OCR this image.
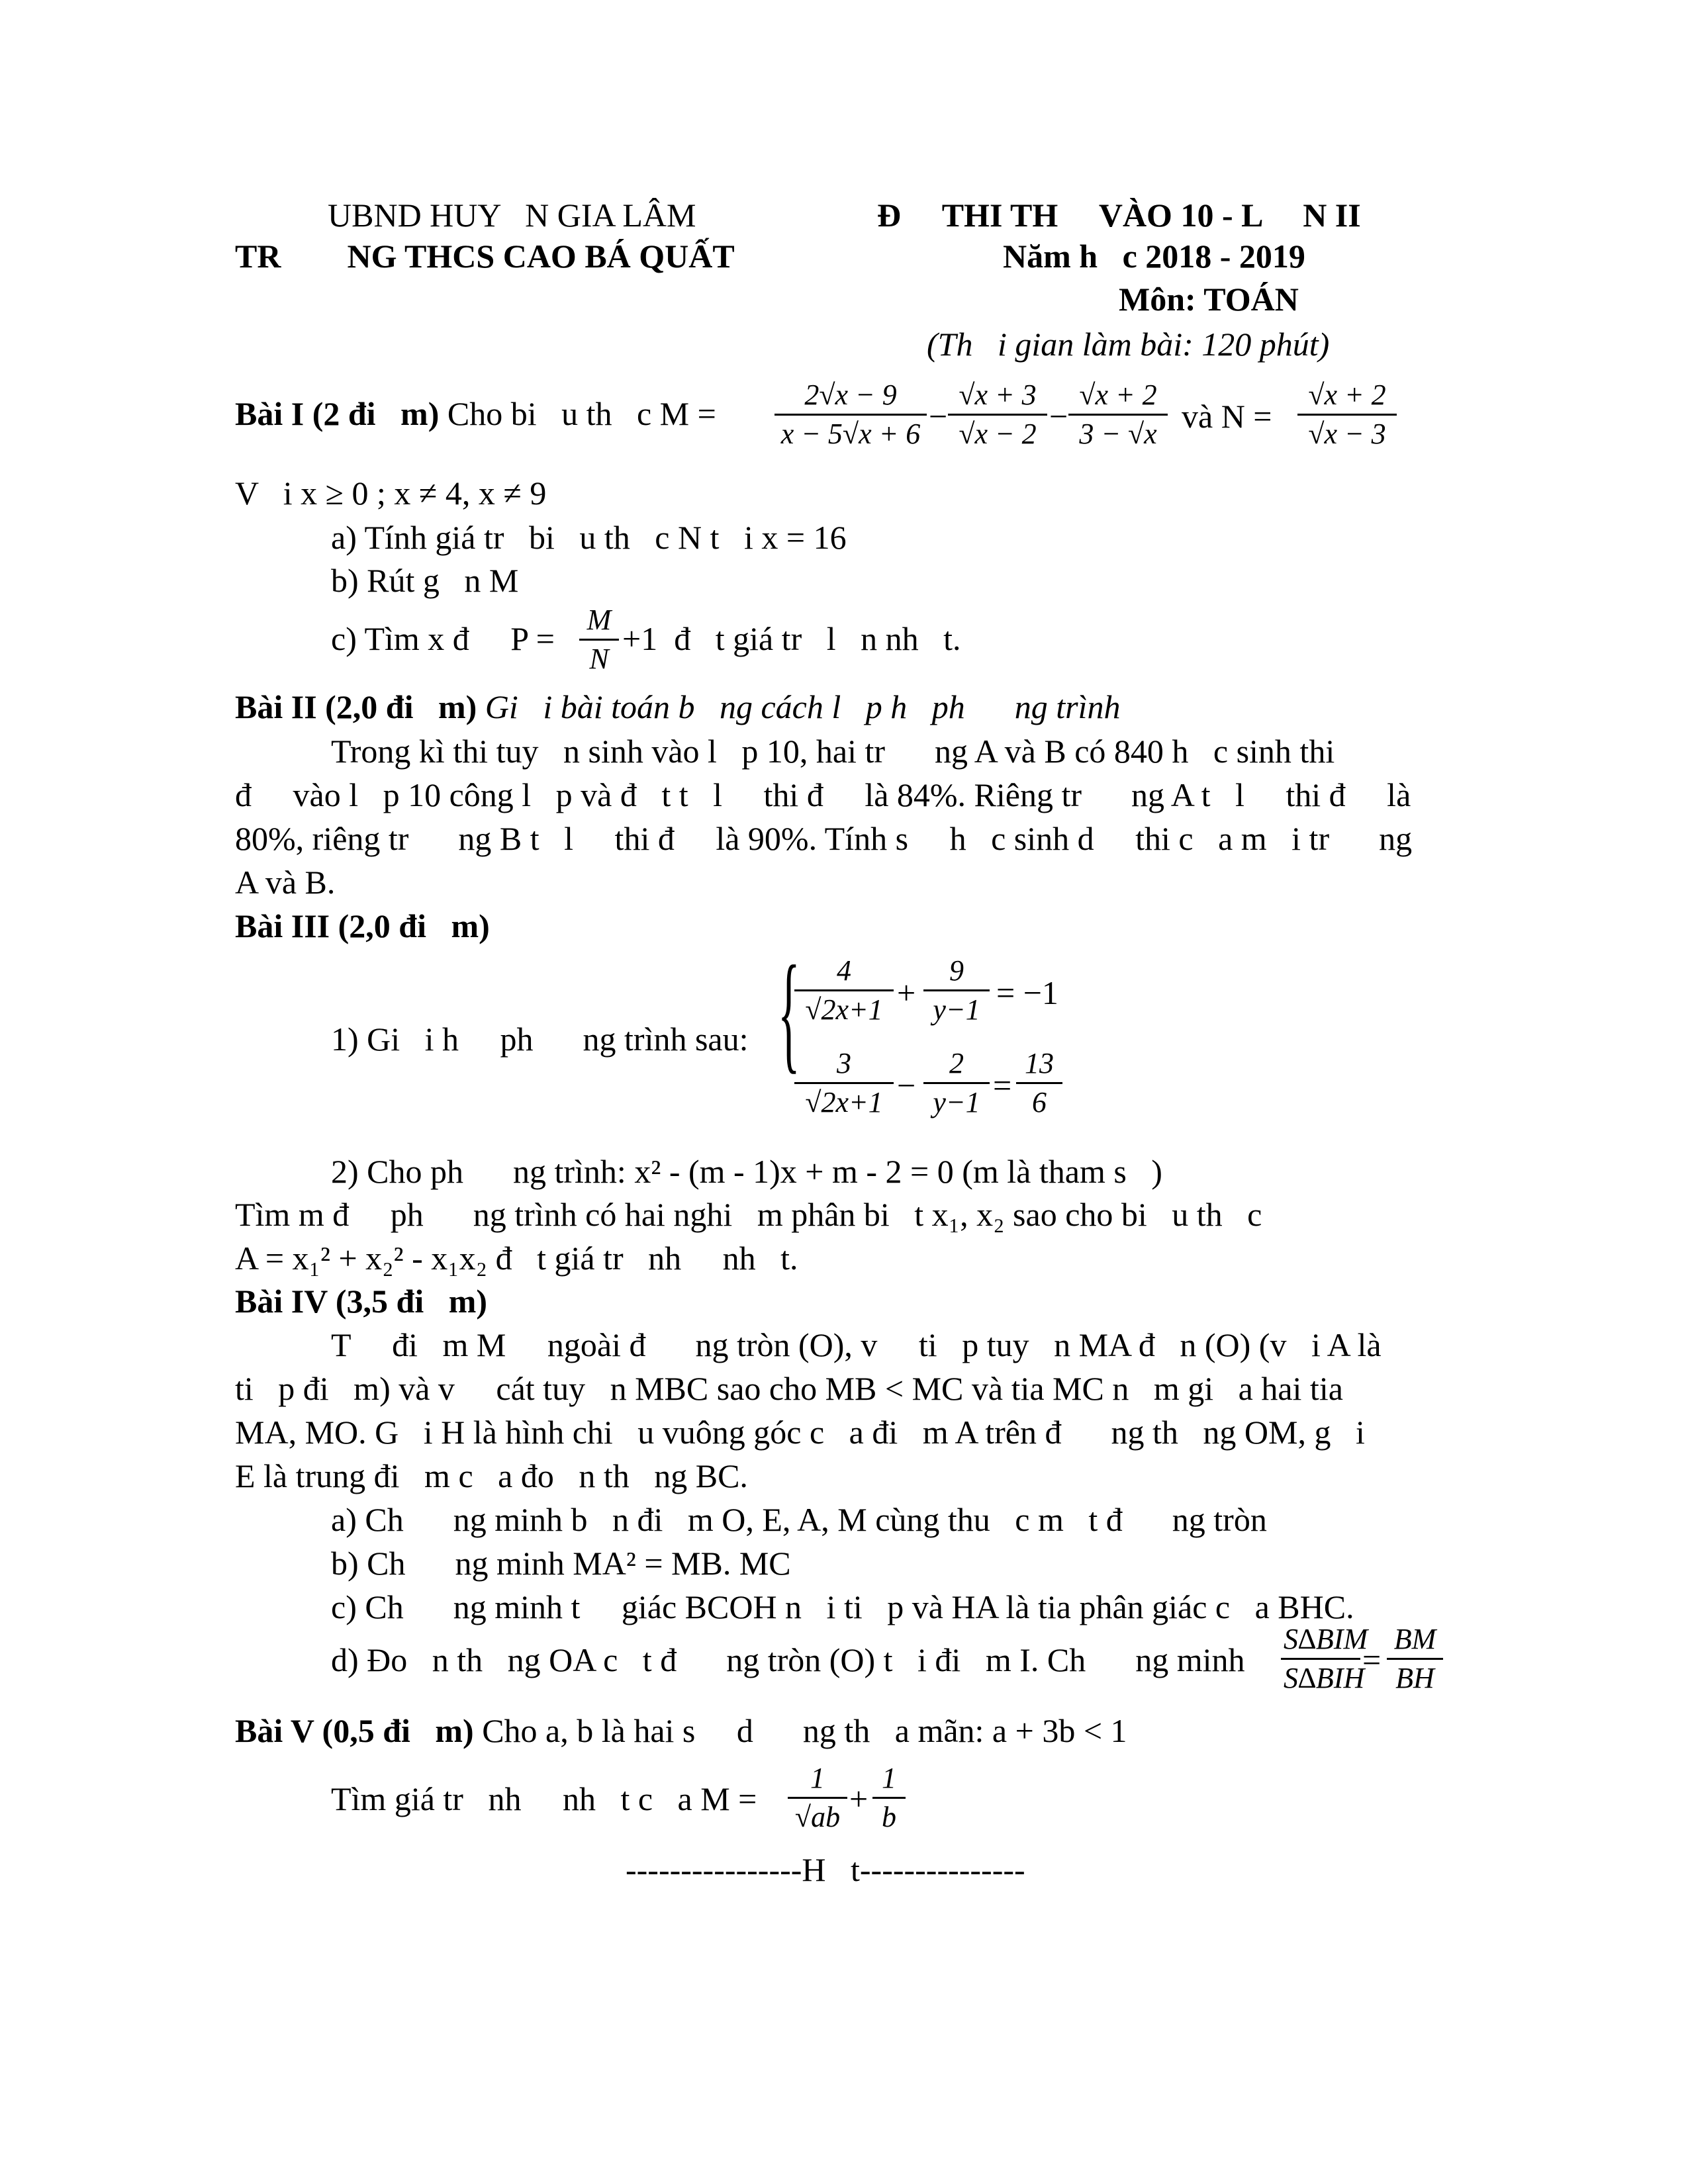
UBND HUY   N GIA LÂM
TR        NG THCS CAO BÁ QUẤT
Đ     THI TH     VÀO 10 - L     N II
Năm h   c 2018 - 2019
Môn: TOÁN
(Th   i gian làm bài: 120 phút)
Bài I (2 đi   m) Cho bi   u th   c $M = \frac{2√x - 9}{x - 5√x + 6} - \frac{√x + 3}{√x - 2} - \frac{√x + 2}{3 - √x}$ và $N = \frac{√x + 2}{√x - 3}$
V   i x ≥ 0 ; x ≠ 4, x ≠ 9
a) Tính giá tr   bi   u th   c N t   i x = 16
b) Rút g   n M
c) Tìm x đ     $P = \frac{M}{N} +1$  đ   t giá tr   l   n nh   t.
Bài II (2,0 đi   m) Gi   i bài toán b   ng cách l   p h   ph      ng trình
Trong kì thi tuy   n sinh vào l   p 10, hai tr      ng A và B có 840 h   c sinh thi
đ     vào l   p 10 công l   p và đ   t t   l     thi đ     là 84%. Riêng tr      ng A t   l     thi đ     là
80%, riêng tr      ng B t   l     thi đ     là 90%. Tính s     h   c sinh d     thi c   a m   i tr      ng
A và B.
Bài III (2,0 đi   m)
1) Gi   i h     ph      ng trình sau: {
$\frac{4}{√2x+1} + \frac{9}{y-1} = -1$
$\frac{3}{√2x+1} - \frac{2}{y-1} = \frac{13}{6}$
2) Cho ph      ng trình: x² - (m - 1)x + m - 2 = 0 (m là tham s   )
Tìm m đ     ph      ng trình có hai nghi   m phân bi   t x₁, x₂ sao cho bi   u th   c
A = x₁² + x₂² - x₁x₂ đ   t giá tr   nh     nh   t.
Bài IV (3,5 đi   m)
T     đi   m M     ngoài đ      ng tròn (O), v     ti   p tuy   n MA đ   n (O) (v   i A là
ti   p đi   m) và v     cát tuy   n MBC sao cho MB < MC và tia MC n   m gi   a hai tia
MA, MO. G   i H là hình chi   u vuông góc c   a đi   m A trên đ      ng th   ng OM, g   i
E là trung đi   m c   a đo   n th   ng BC.
a) Ch      ng minh b   n đi   m O, E, A, M cùng thu   c m   t đ      ng tròn
b) Ch      ng minh MA² = MB. MC
c) Ch      ng minh t     giác BCOH n   i ti   p và HA là tia phân giác c   a BHC.
d) Đo   n th   ng OA c   t đ      ng tròn (O) t   i đi   m I. Ch      ng minh
S∆BIM
S∆BIH
= $\frac{BM}{BH}$
Bài V (0,5 đi   m) Cho a, b là hai s     d      ng th   a mãn: a + 3b < 1
Tìm giá tr   nh     nh   t c   a $M = \frac{1}{√ab} + \frac{1}{b}$
----------------H   t---------------
